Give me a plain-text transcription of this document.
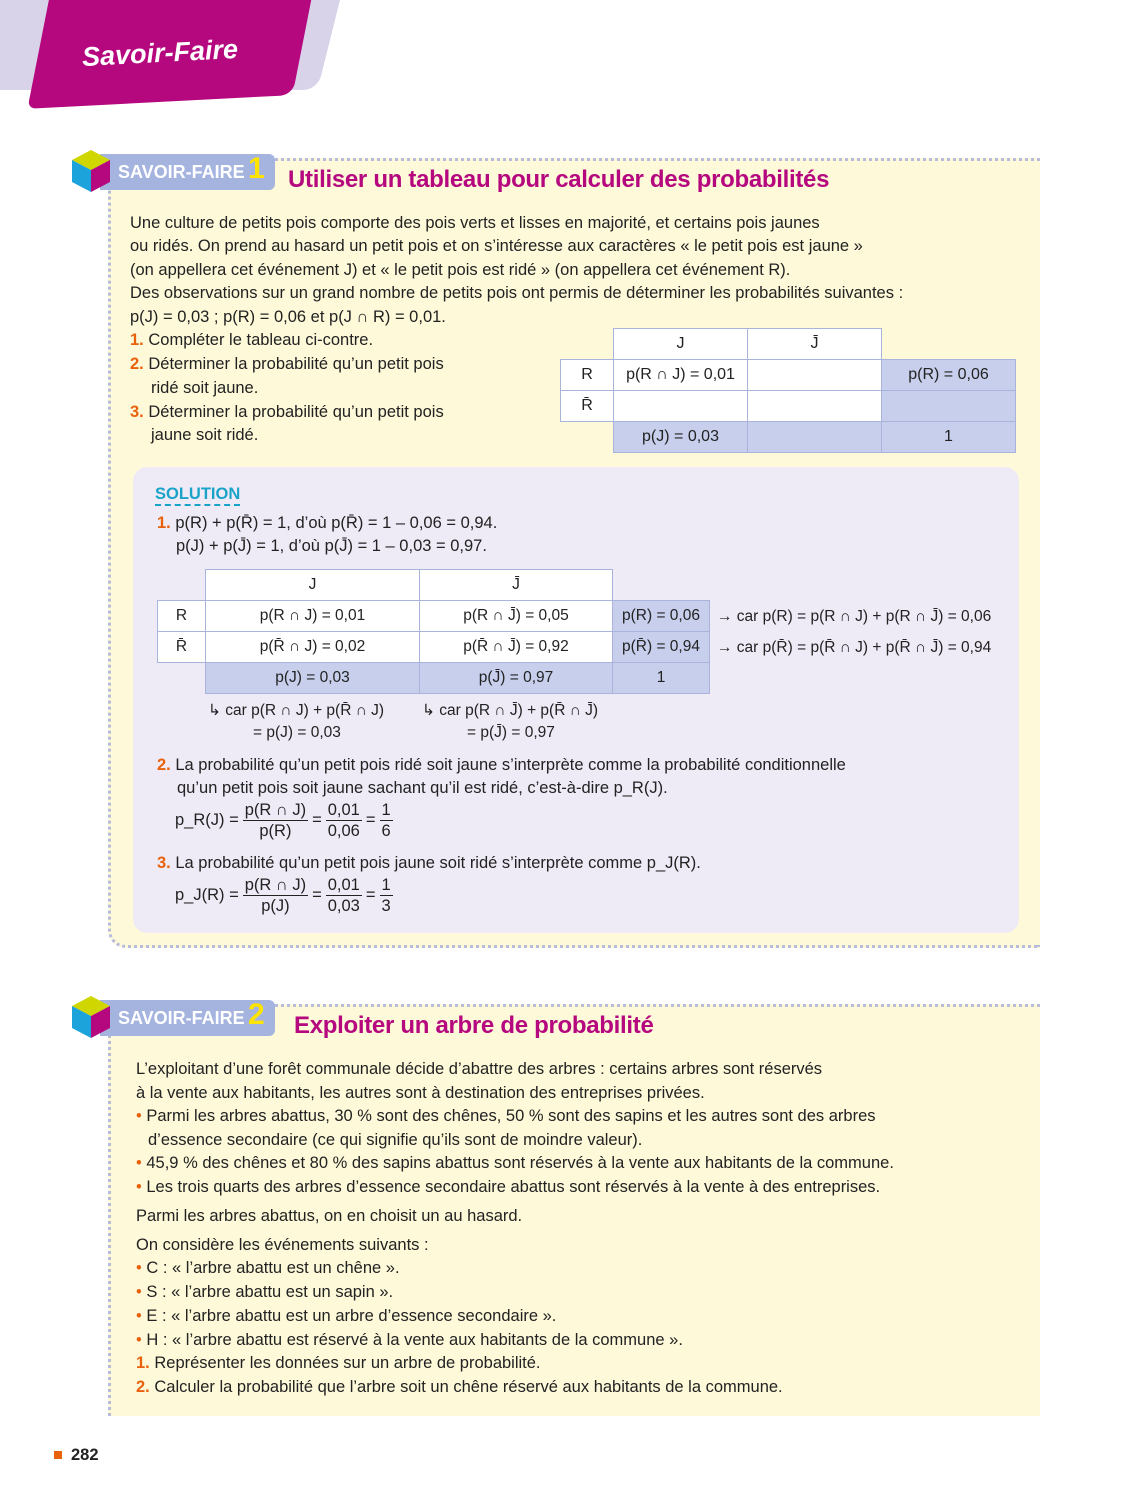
Savoir-Faire
SAVOIR-FAIRE 1 Utiliser un tableau pour calculer des probabilités
Une culture de petits pois comporte des pois verts et lisses en majorité, et certains pois jaunes
ou ridés. On prend au hasard un petit pois et on s’intéresse aux caractères « le petit pois est jaune »
(on appellera cet événement J) et « le petit pois est ridé » (on appellera cet événement R).
Des observations sur un grand nombre de petits pois ont permis de déterminer les probabilités suivantes :
p(J) = 0,03 ; p(R) = 0,06 et p(J ∩ R) = 0,01.
1. Compléter le tableau ci-contre.
2. Déterminer la probabilité qu’un petit pois
ridé soit jaune.
3. Déterminer la probabilité qu’un petit pois
jaune soit ridé.
	J	J̄	
R	p(R ∩ J) = 0,01		p(R) = 0,06
R̄			
	p(J) = 0,03		1
SOLUTION
1. p(R) + p(R̄) = 1, d’où p(R̄) = 1 – 0,06 = 0,94.
p(J) + p(J̄) = 1, d’où p(J̄) = 1 – 0,03 = 0,97.
	J	J̄	
R	p(R ∩ J) = 0,01	p(R ∩ J̄) = 0,05	p(R) = 0,06
R̄	p(R̄ ∩ J) = 0,02	p(R̄ ∩ J̄) = 0,92	p(R̄) = 0,94
	p(J) = 0,03	p(J̄) = 0,97	1
→ car p(R) = p(R ∩ J) + p(R ∩ J̄) = 0,06
→ car p(R̄) = p(R̄ ∩ J) + p(R̄ ∩ J̄) = 0,94
↳ car p(R ∩ J) + p(R̄ ∩ J)
= p(J) = 0,03
↳ car p(R ∩ J̄) + p(R̄ ∩ J̄)
= p(J̄) = 0,97
2. La probabilité qu’un petit pois ridé soit jaune s’interprète comme la probabilité conditionnelle
qu’un petit pois soit jaune sachant qu’il est ridé, c’est-à-dire p_R(J).
p_R(J) = $\frac{p(R \cap J)}{p(R)} = \frac{0,01}{0,06} = \frac{1}{6}$
3. La probabilité qu’un petit pois jaune soit ridé s’interprète comme p_J(R).
p_J(R) = $\frac{p(R \cap J)}{p(J)} = \frac{0,01}{0,03} = \frac{1}{3}$
SAVOIR-FAIRE 2 Exploiter un arbre de probabilité
L’exploitant d’une forêt communale décide d’abattre des arbres : certains arbres sont réservés
à la vente aux habitants, les autres sont à destination des entreprises privées.
• Parmi les arbres abattus, 30 % sont des chênes, 50 % sont des sapins et les autres sont des arbres
d’essence secondaire (ce qui signifie qu’ils sont de moindre valeur).
• 45,9 % des chênes et 80 % des sapins abattus sont réservés à la vente aux habitants de la commune.
• Les trois quarts des arbres d’essence secondaire abattus sont réservés à la vente à des entreprises.
Parmi les arbres abattus, on en choisit un au hasard.
On considère les événements suivants :
• C : « l’arbre abattu est un chêne ».
• S : « l’arbre abattu est un sapin ».
• E : « l’arbre abattu est un arbre d’essence secondaire ».
• H : « l’arbre abattu est réservé à la vente aux habitants de la commune ».
1. Représenter les données sur un arbre de probabilité.
2. Calculer la probabilité que l’arbre soit un chêne réservé aux habitants de la commune.
282
